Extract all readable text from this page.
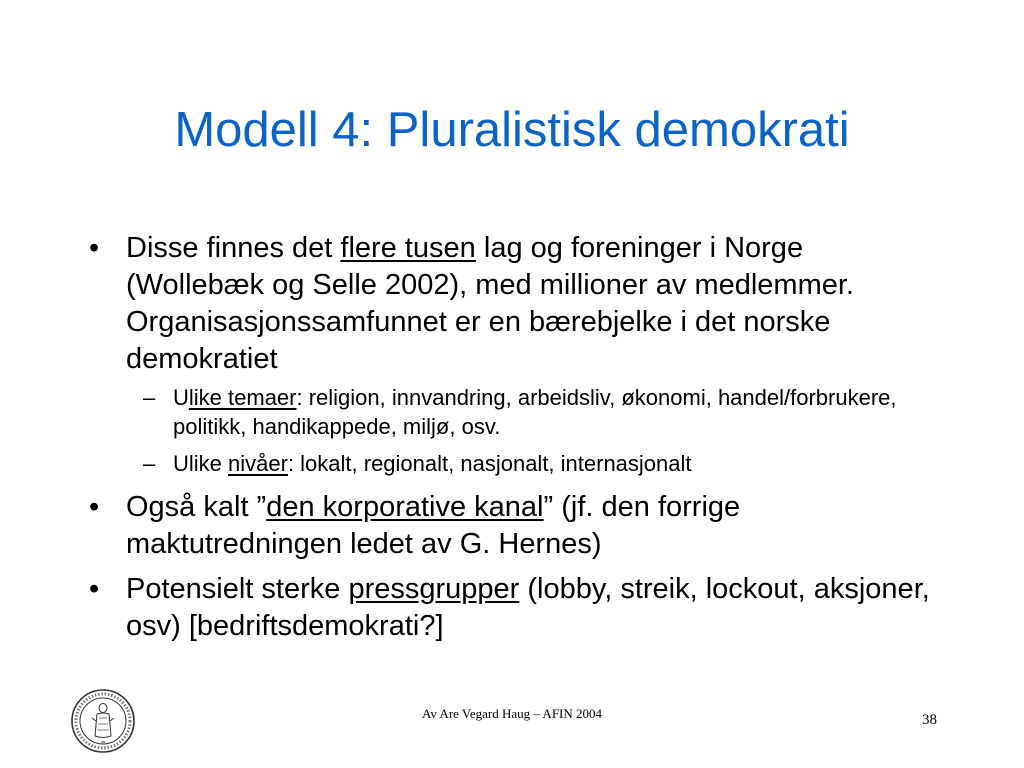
Modell 4: Pluralistisk demokrati
• Disse finnes det flere tusen lag og foreninger i Norge (Wollebæk og Selle 2002), med millioner av medlemmer. Organisasjonssamfunnet er en bærebjelke i det norske demokratiet
– Ulike temaer: religion, innvandring, arbeidsliv, økonomi, handel/forbrukere, politikk, handikappede, miljø, osv.
– Ulike nivåer: lokalt, regionalt, nasjonalt, internasjonalt
• Også kalt ”den korporative kanal” (jf. den forrige maktutredningen ledet av G. Hernes)
• Potensielt sterke pressgrupper (lobby, streik, lockout, aksjoner, osv) [bedriftsdemokrati?]
Av Are Vegard Haug – AFIN 2004	38
